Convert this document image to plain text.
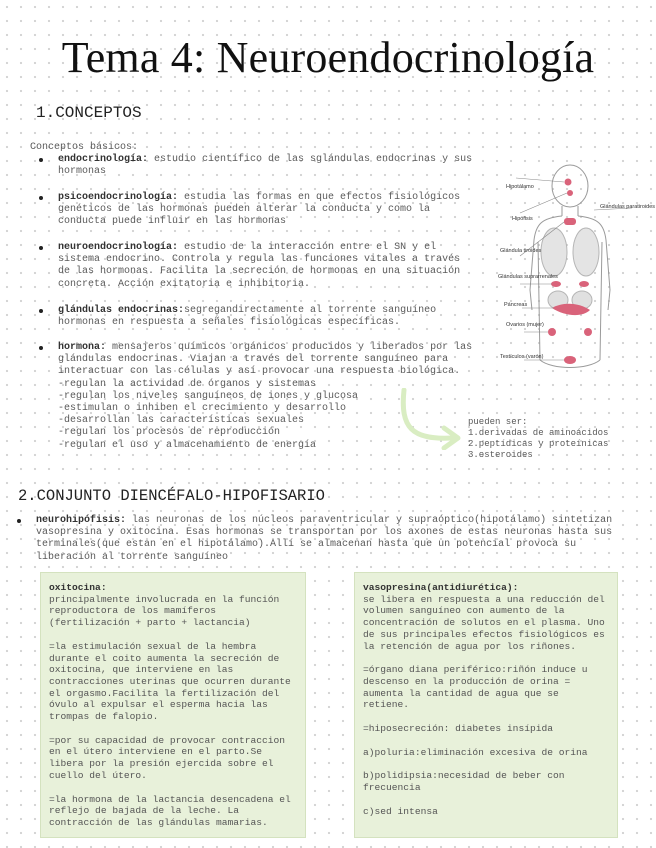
Tema 4: Neuroendocrinología
1.CONCEPTOS
Conceptos básicos:
endocrinología: estudio científico de las sglándulas endocrinas y sus hormonas
psicoendocrinología: estudia las formas en que efectos fisiológicos genéticos de las hormonas pueden alterar la conducta y como la conducta puede influir en las hormonas
neuroendocrinología: estudio de la interacción entre el SN y el sistema endocrino. Controla y regula las funciones vitales a través de las hormonas. Facilita la secreción de hormonas en una situación concreta. Acción exitatoria e inhibitoria.
glándulas endocrinas:segregandirectamente al torrente sanguíneo hormonas en respuesta a señales fisiológicas específicas.
hormona: mensajeros químicos orgánicos producidos y liberados por las glándulas endocrinas. Viajan a través del torrente sanguíneo para interactuar con las células y así provocar una respuesta biológica.
-regulan la actividad de órganos y sistemas
-regulan los niveles sanguíneos de iones y glucosa
-estimulan o inhiben el crecimiento y desarrollo
-desarrollan las características sexuales
-regulan los procesos de reproducción
-regulan el uso y almacenamiento de energía
pueden ser:
1.derivadas de aminoácidos
2.peptídicas y proteínicas
3.esteroides
Hipotálamo
Hipófisis
Glándulas paratiroides
Glándula tiroides
Glándulas suprarrenales
Páncreas
Ovarios (mujer)
Testículos (varón)
2.CONJUNTO DIENCÉFALO-HIPOFISARIO
neurohipófisis: las neuronas de los núcleos paraventricular y supraóptico(hipotálamo) sintetizan vasopresina y oxitocina. Esas hormonas se transportan por los axones de estas neuronas hasta sus terminales(que estan en el hipotálamo).Allí se almacenan hasta que un potencial provoca su liberación al torrente sanguíneo

oxitocina:

principalmente involucrada en la función reproductora de los mamíferos (fertilización + parto + lactancia)

=la estimulación sexual de la hembra durante el coito aumenta la secreción de oxitocina, que interviene en las contracciones uterinas que ocurren durante el orgasmo.Facilita la fertilización del óvulo al expulsar el esperma hacia las trompas de falopio.

=por su capacidad de provocar contraccion en el útero interviene en el parto.Se libera por la presión ejercida sobre el cuello del útero.

=la hormona de la lactancia desencadena el reflejo de bajada de la leche. La contracción de las glándulas mamarias.

vasopresina(antidiurética):

se libera en respuesta a una reducción del volumen sanguíneo con aumento de la concentración de solutos en el plasma. Uno de sus principales efectos fisiológicos es la retención de agua por los riñones.

=órgano diana periférico:riñón induce u descenso en la producción de orina = aumenta la cantidad de agua que se retiene.

=hiposecreción: diabetes insípida

a)poluria:eliminación excesiva de orina

b)polidipsia:necesidad de beber con frecuencia

c)sed intensa
